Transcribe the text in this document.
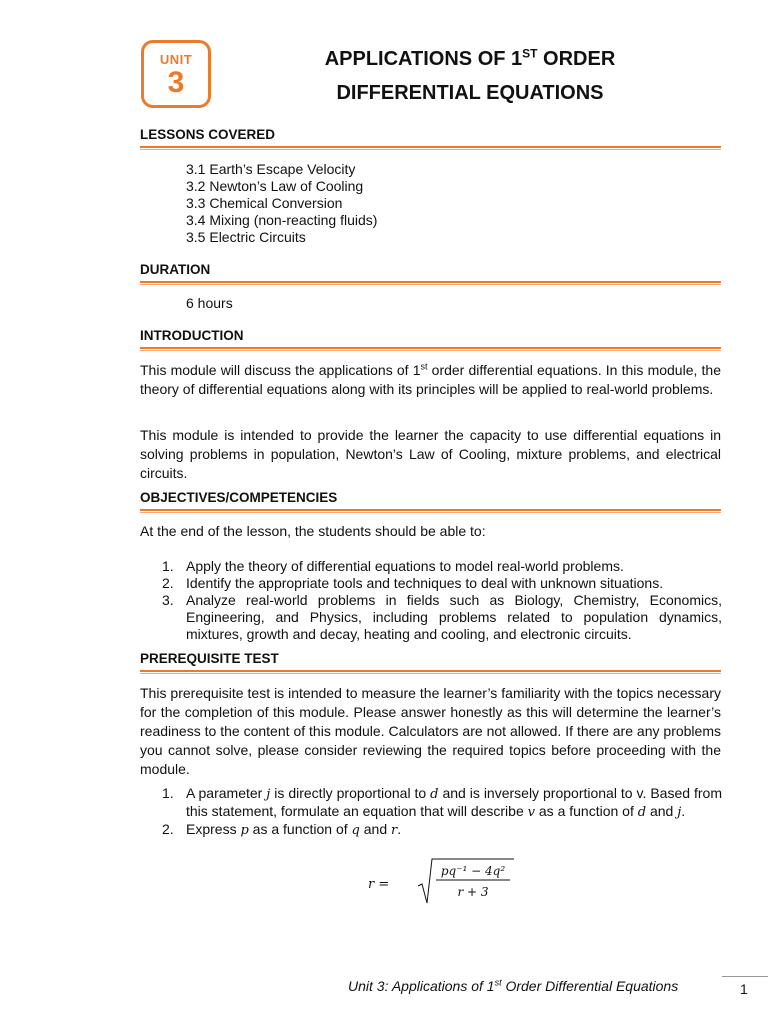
UNIT
3
APPLICATIONS OF 1ST ORDER
DIFFERENTIAL EQUATIONS
LESSONS COVERED
3.1 Earth’s Escape Velocity
3.2 Newton’s Law of Cooling
3.3 Chemical Conversion
3.4 Mixing (non-reacting fluids)
3.5 Electric Circuits
DURATION
6 hours
INTRODUCTION

This module will discuss the applications of 1st order differential equations. In this module, the theory of differential equations along with its principles will be applied to real-world problems.

This module is intended to provide the learner the capacity to use differential equations in solving problems in population, Newton’s Law of Cooling, mixture problems, and electrical circuits.

OBJECTIVES/COMPETENCIES

At the end of the lesson, the students should be able to:

1. Apply the theory of differential equations to model real-world problems.
2. Identify the appropriate tools and techniques to deal with unknown situations.
3. Analyze real-world problems in fields such as Biology, Chemistry, Economics, Engineering, and Physics, including problems related to population dynamics, mixtures, growth and decay, heating and cooling, and electronic circuits.
PREREQUISITE TEST

This prerequisite test is intended to measure the learner’s familiarity with the topics necessary for the completion of this module. Please answer honestly as this will determine the learner’s readiness to the content of this module. Calculators are not allowed. If there are any problems you cannot solve, please consider reviewing the required topics before proceeding with the module.

1. A parameter j is directly proportional to d and is inversely proportional to v. Based from this statement, formulate an equation that will describe v as a function of d and j.
2. Express p as a function of q and r.
r =
pq⁻¹ − 4q²
r + 3
Unit 3: Applications of 1st Order Differential Equations	1
